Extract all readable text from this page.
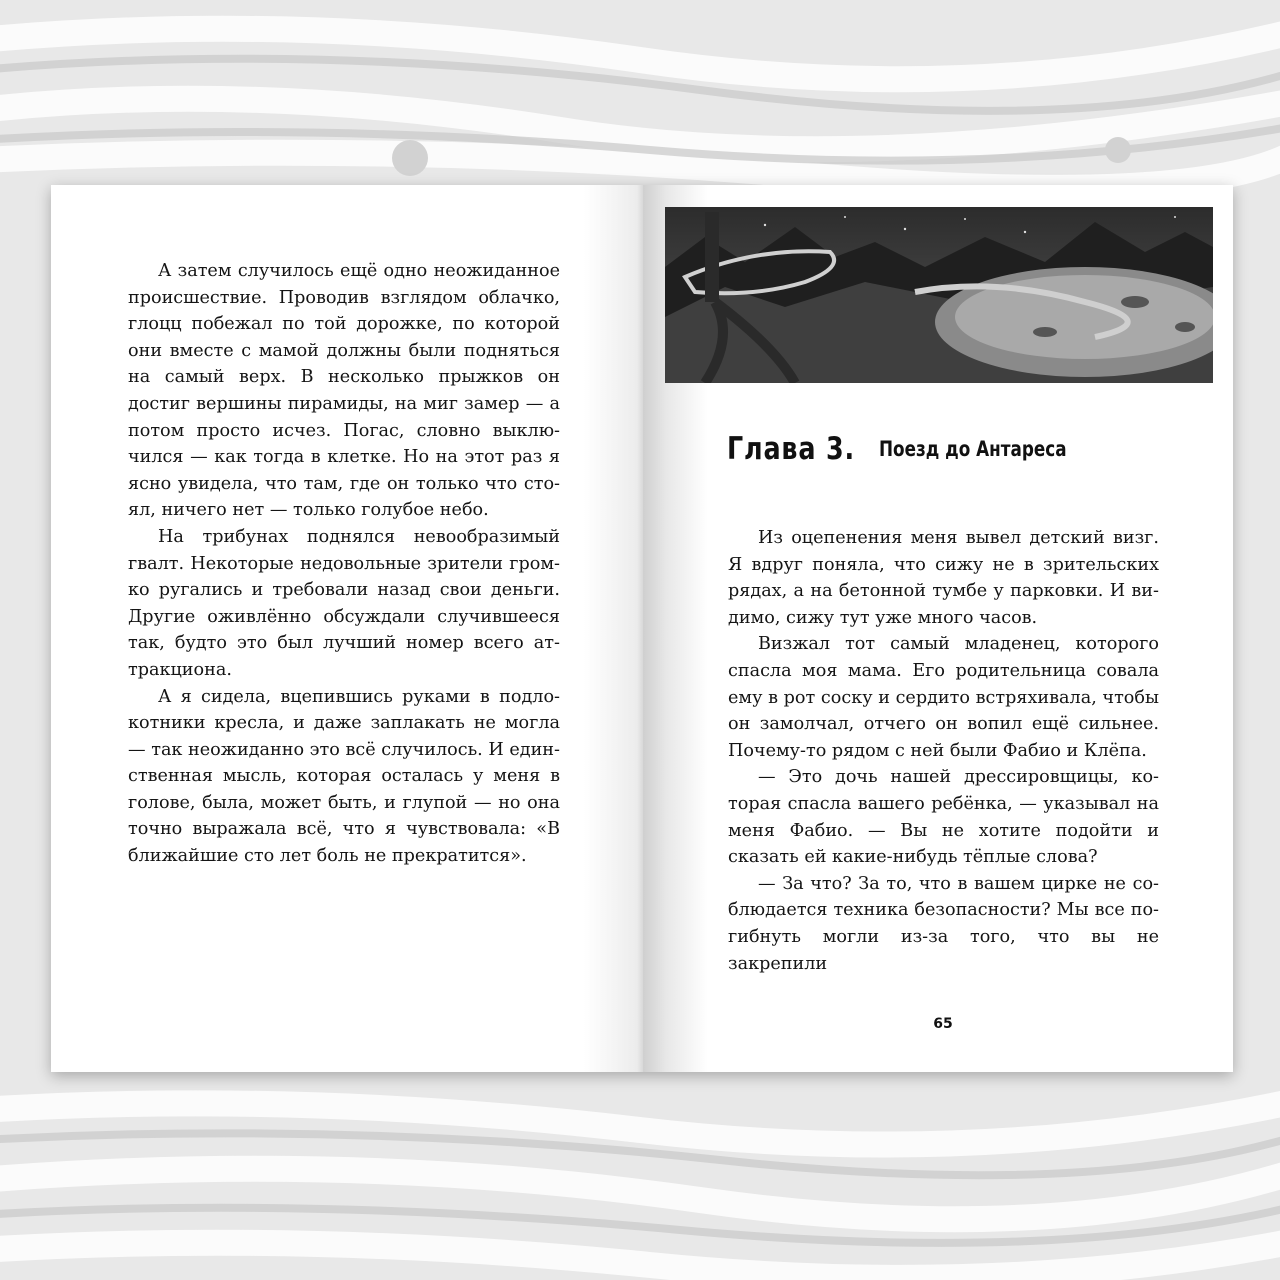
А затем случилось ещё одно неожиданное происшествие. Проводив взглядом облачко, глоцц побежал по той дорожке, по которой они вместе с мамой должны были подняться на самый верх. В несколько прыжков он достиг вершины пирамиды, на миг замер — а потом просто исчез. Погас, словно выключился — как тогда в клетке. Но на этот раз я ясно увидела, что там, где он только что стоял, ничего нет — только голубое небо.

На трибунах поднялся невообразимый гвалт. Некоторые недовольные зрители громко ругались и требовали назад свои деньги. Другие оживлённо обсуждали случившееся так, будто это был лучший номер всего аттракциона.

А я сидела, вцепившись руками в подлокотники кресла, и даже заплакать не могла — так неожиданно это всё случилось. И единственная мысль, которая осталась у меня в голове, была, может быть, и глупой — но она точно выражала всё, что я чувствовала: «В ближайшие сто лет боль не прекратится».

Глава 3. Поезд до Антареса

Из оцепенения меня вывел детский визг. Я вдруг поняла, что сижу не в зрительских рядах, а на бетонной тумбе у парковки. И видимо, сижу тут уже много часов.

Визжал тот самый младенец, которого спасла моя мама. Его родительница совала ему в рот соску и сердито встряхивала, чтобы он замолчал, отчего он вопил ещё сильнее. Почему-то рядом с ней были Фабио и Клёпа.

— Это дочь нашей дрессировщицы, которая спасла вашего ребёнка, — указывал на меня Фабио. — Вы не хотите подойти и сказать ей какие-нибудь тёплые слова?

— За что? За то, что в вашем цирке не соблюдается техника безопасности? Мы все погибнуть могли из-за того, что вы не закрепили

65
